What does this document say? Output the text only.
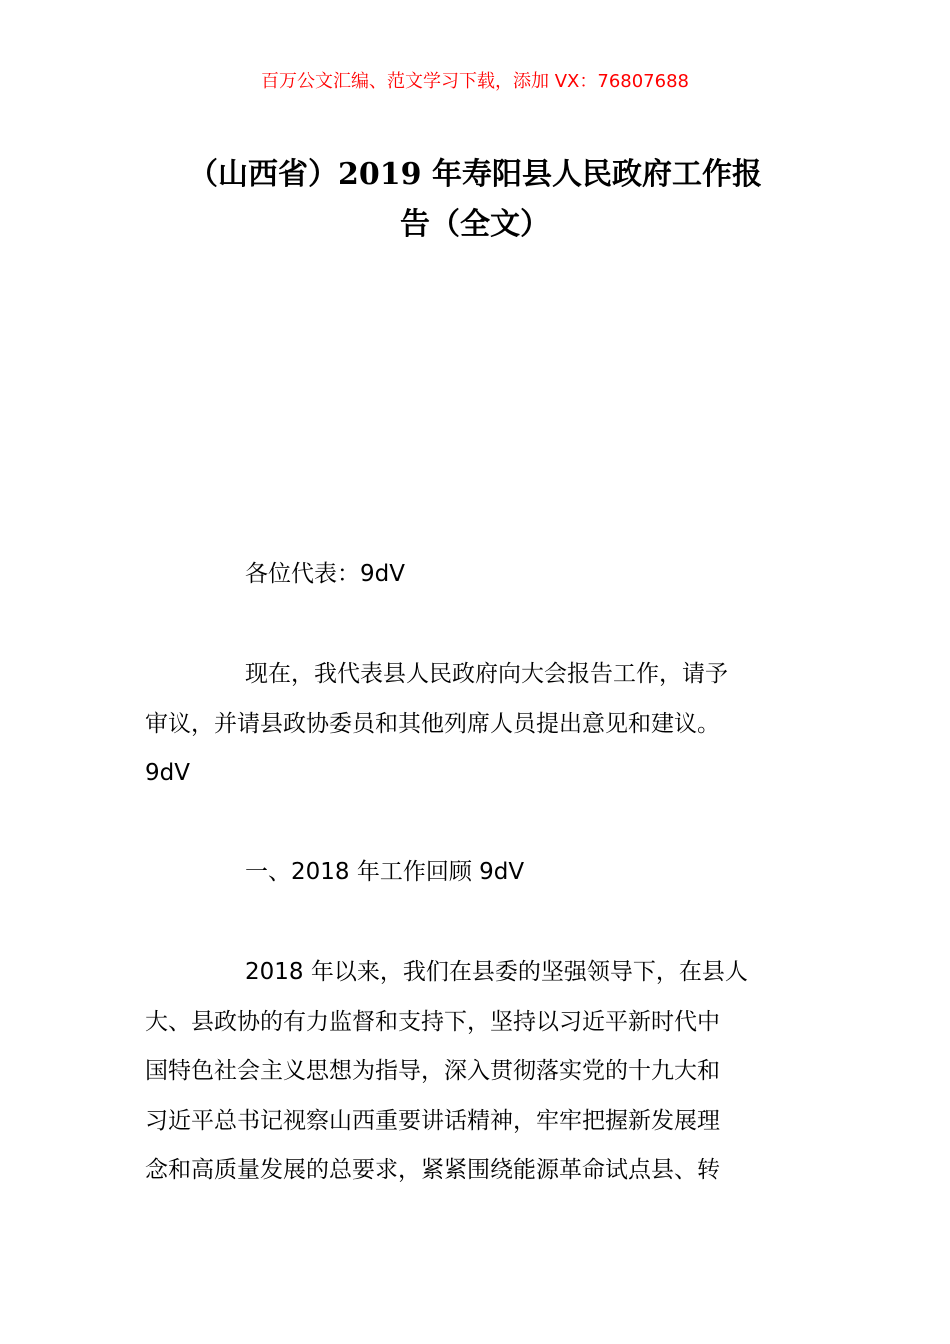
百万公文汇编、范文学习下载，添加 VX：76807688
（山西省）2019 年寿阳县人民政府工作报
告（全文）

各位代表：9dV

现在，我代表县人民政府向大会报告工作，请予
审议，并请县政协委员和其他列席人员提出意见和建议。
9dV

一、2018 年工作回顾 9dV

2018 年以来，我们在县委的坚强领导下，在县人
大、县政协的有力监督和支持下，坚持以习近平新时代中
国特色社会主义思想为指导，深入贯彻落实党的十九大和
习近平总书记视察山西重要讲话精神，牢牢把握新发展理
念和高质量发展的总要求，紧紧围绕能源革命试点县、转
